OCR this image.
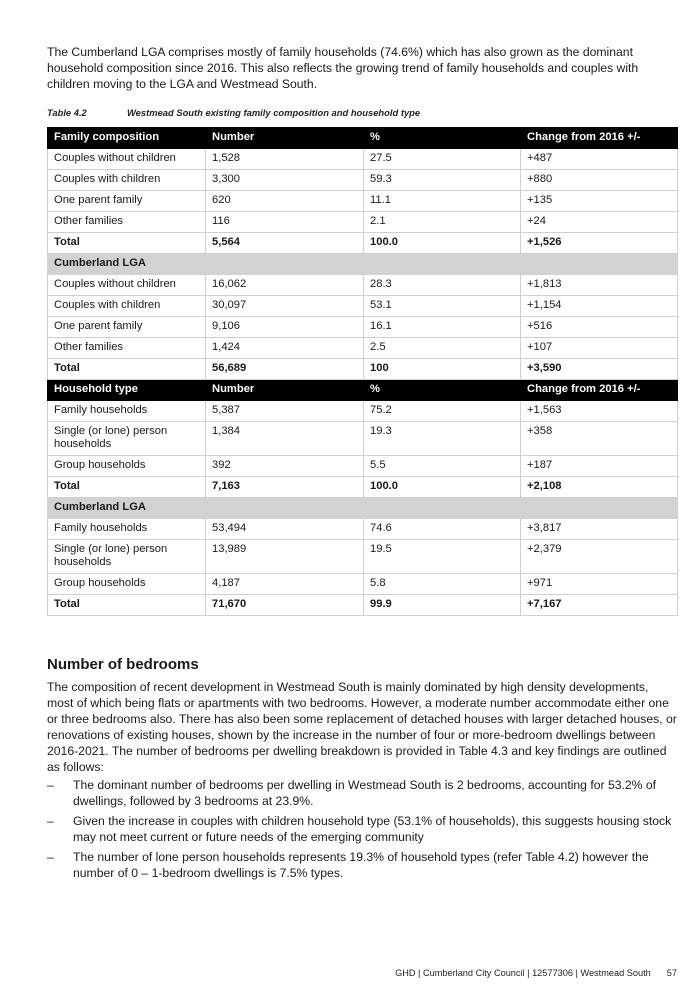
The Cumberland LGA comprises mostly of family households (74.6%) which has also grown as the dominant household composition since 2016. This also reflects the growing trend of family households and couples with children moving to the LGA and Westmead South.

Table 4.2	Westmead South existing family composition and household type
Family composition	Number	%	Change from 2016 +/-
Couples without children	1,528	27.5	+487
Couples with children	3,300	59.3	+880
One parent family	620	11.1	+135
Other families	116	2.1	+24
Total	5,564	100.0	+1,526
Cumberland LGA			
Couples without children	16,062	28.3	+1,813
Couples with children	30,097	53.1	+1,154
One parent family	9,106	16.1	+516
Other families	1,424	2.5	+107
Total	56,689	100	+3,590
Household type	Number	%	Change from 2016 +/-
Family households	5,387	75.2	+1,563
Single (or lone) person households	1,384	19.3	+358
Group households	392	5.5	+187
Total	7,163	100.0	+2,108
Cumberland LGA			
Family households	53,494	74.6	+3,817
Single (or lone) person households	13,989	19.5	+2,379
Group households	4,187	5.8	+971
Total	71,670	99.9	+7,167
Number of bedrooms

The composition of recent development in Westmead South is mainly dominated by high density developments, most of which being flats or apartments with two bedrooms. However, a moderate number accommodate either one or three bedrooms also. There has also been some replacement of detached houses with larger detached houses, or renovations of existing houses, shown by the increase in the number of four or more-bedroom dwellings between 2016-2021. The number of bedrooms per dwelling breakdown is provided in Table 4.3 and key findings are outlined as follows:

– The dominant number of bedrooms per dwelling in Westmead South is 2 bedrooms, accounting for 53.2% of dwellings, followed by 3 bedrooms at 23.9%.
– Given the increase in couples with children household type (53.1% of households), this suggests housing stock may not meet current or future needs of the emerging community
– The number of lone person households represents 19.3% of household types (refer Table 4.2) however the number of 0 – 1-bedroom dwellings is 7.5% types.
GHD | Cumberland City Council | 12577306 | Westmead South 57
